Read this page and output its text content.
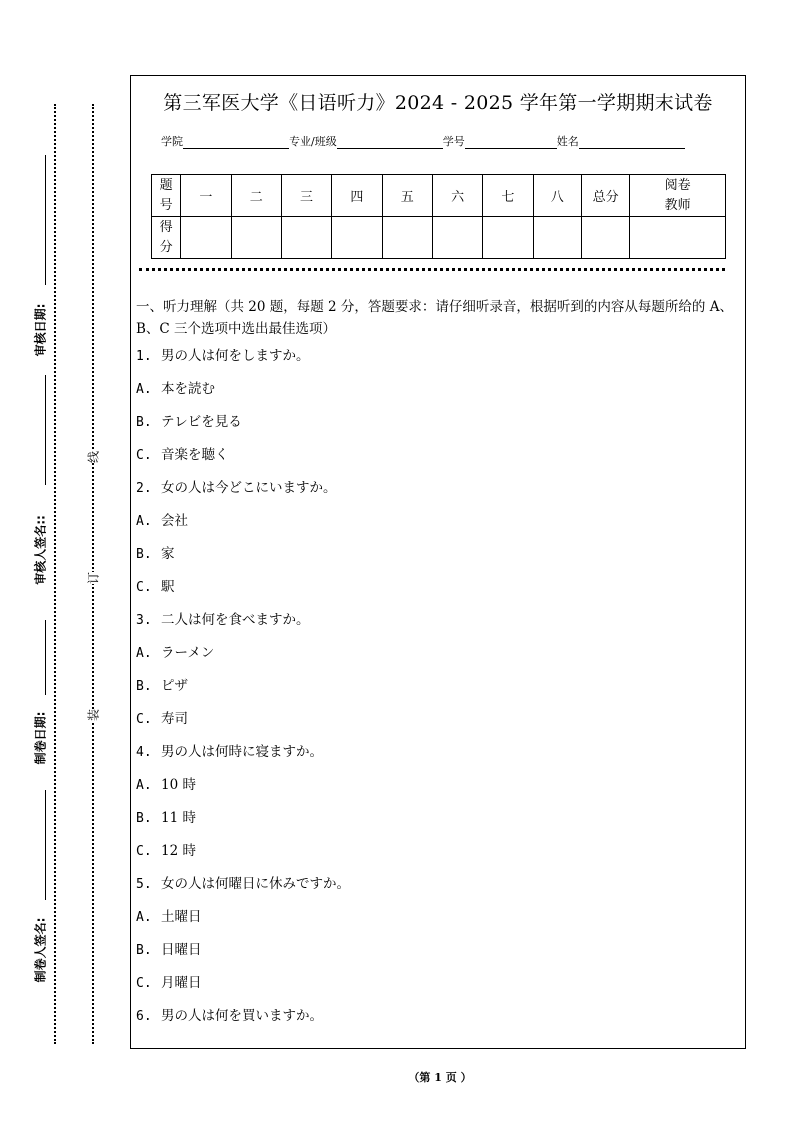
审核日期:
审核人签名::
制卷日期:
制卷人签名:
线
订
装
第三军医大学《日语听力》2024 - 2025 学年第一学期期末试卷
学院	专业/班级	学号	姓名
题号	一	二	三	四	五	六	七	八	总分	阅卷教师
得分										
一、听力理解（共 20 题，每题 2 分，答题要求：请仔细听录音，根据听到的内容从每题所给的 A、B、C 三个选项中选出最佳选项）
1. 男の人は何をしますか。
A. 本を読む
B. テレビを見る
C. 音楽を聴く
2. 女の人は今どこにいますか。
A. 会社
B. 家
C. 駅
3. 二人は何を食べますか。
A. ラーメン
B. ピザ
C. 寿司
4. 男の人は何時に寝ますか。
A. 10 時
B. 11 時
C. 12 時
5. 女の人は何曜日に休みですか。
A. 土曜日
B. 日曜日
C. 月曜日
6. 男の人は何を買いますか。
（第 1 页 ）
